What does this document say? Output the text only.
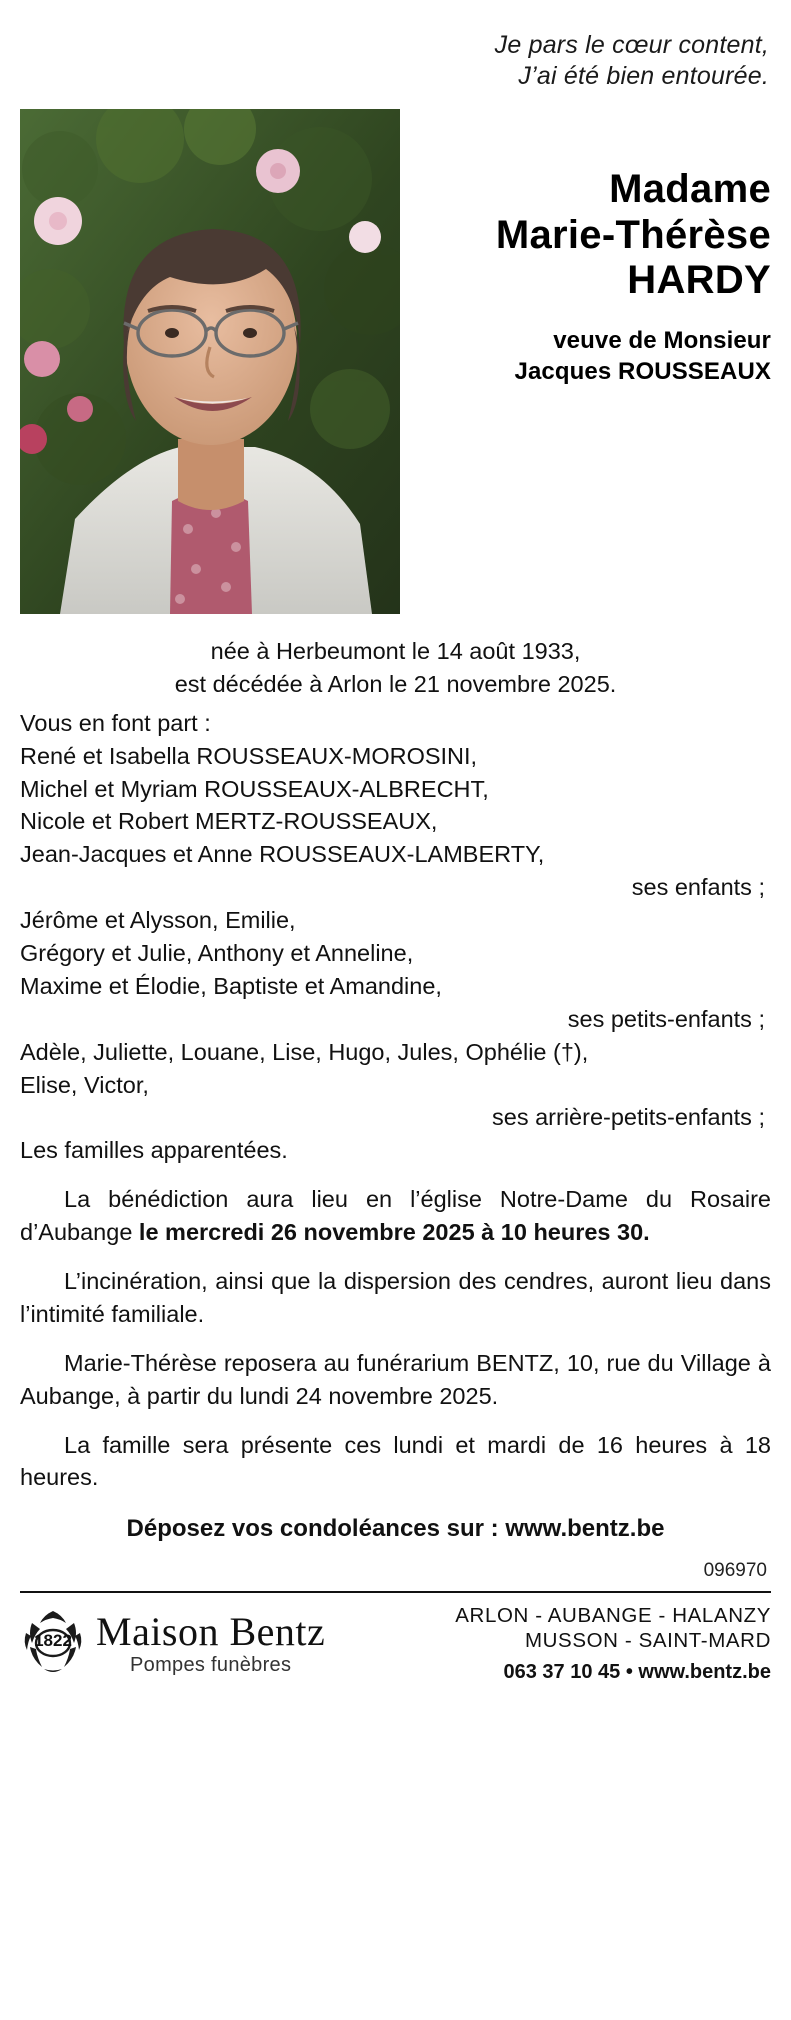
Je pars le cœur content,
J’ai été bien entourée.
Madame
Marie-Thérèse
HARDY
veuve de Monsieur
Jacques ROUSSEAUX
née à Herbeumont le 14 août 1933,
est décédée à Arlon le 21 novembre 2025.
Vous en font part :
René et Isabella ROUSSEAUX-MOROSINI,
Michel et Myriam ROUSSEAUX-ALBRECHT,
Nicole et Robert MERTZ-ROUSSEAUX,
Jean-Jacques et Anne ROUSSEAUX-LAMBERTY,
ses enfants ;
Jérôme et Alysson, Emilie,
Grégory et Julie, Anthony et Anneline,
Maxime et Élodie, Baptiste et Amandine,
ses petits-enfants ;
Adèle, Juliette, Louane, Lise, Hugo, Jules, Ophélie (†),
Elise, Victor,
ses arrière-petits-enfants ;
Les familles apparentées.
La bénédiction aura lieu en l’église Notre-Dame du Rosaire d’Aubange le mercredi 26 novembre 2025 à 10 heures 30.
L’incinération, ainsi que la dispersion des cendres, auront lieu dans l’intimité familiale.
Marie-Thérèse reposera au funérarium BENTZ, 10, rue du Village à Aubange, à partir du lundi 24 novembre 2025.
La famille sera présente ces lundi et mardi de 16 heures à 18 heures.
Déposez vos condoléances sur : www.bentz.be
096970
1822 Maison Bentz
Pompes funèbres
ARLON - AUBANGE - HALANZY
MUSSON - SAINT-MARD
063 37 10 45 • www.bentz.be
